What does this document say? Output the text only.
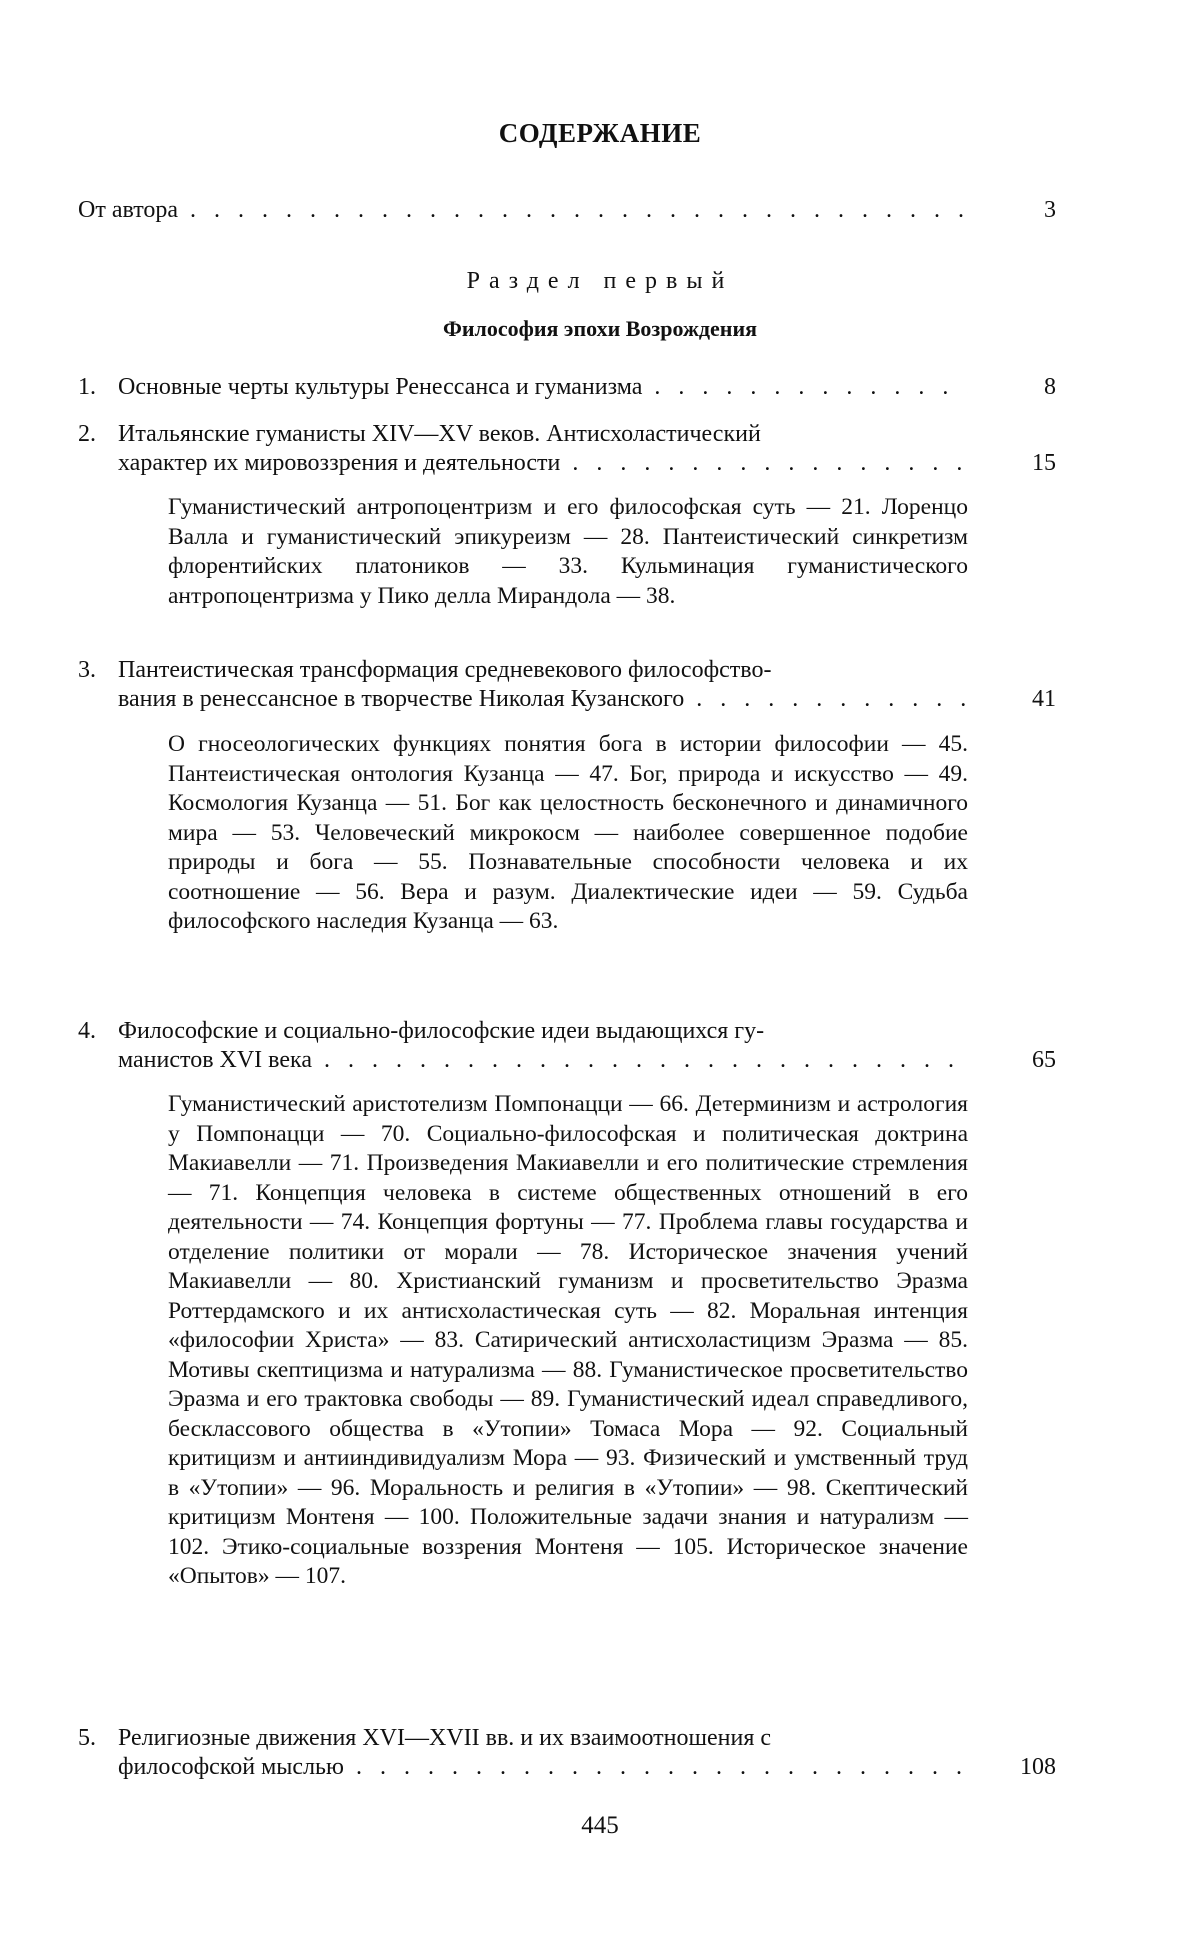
СОДЕРЖАНИЕ
От автора . . .	3
Раздел первый
Философия эпохи Возрождения
1. Основные черты культуры Ренессанса и гуманизма . . .	8
2. Итальянские гуманисты XIV—XV веков. Антисхоластический
характер их мировоззрения и деятельности . . .	15
Гуманистический антропоцентризм и его философская суть — 21. Лоренцо Валла и гуманистический эпикуреизм — 28. Пантеистический синкретизм флорентийских платоников — 33. Кульминация гуманистического антропоцентризма у Пико делла Мирандола — 38.
3. Пантеистическая трансформация средневекового философство-
вания в ренессансное в творчестве Николая Кузанского . . .	41
О гносеологических функциях понятия бога в истории философии — 45. Пантеистическая онтология Кузанца — 47. Бог, природа и искусство — 49. Космология Кузанца — 51. Бог как целостность бесконечного и динамичного мира — 53. Человеческий микрокосм — наиболее совершенное подобие природы и бога — 55. Познавательные способности человека и их соотношение — 56. Вера и разум. Диалектические идеи — 59. Судьба философского наследия Кузанца — 63.
4. Философские и социально-философские идеи выдающихся гу-
манистов XVI века . . .	65
Гуманистический аристотелизм Помпонацци — 66. Детерминизм и астрология у Помпонацци — 70. Социально-философская и политическая доктрина Макиавелли — 71. Произведения Макиавелли и его политические стремления — 71. Концепция человека в системе общественных отношений в его деятельности — 74. Концепция фортуны — 77. Проблема главы государства и отделение политики от морали — 78. Историческое значения учений Макиавелли — 80. Христианский гуманизм и просветительство Эразма Роттердамского и их антисхоластическая суть — 82. Моральная интенция «философии Христа» — 83. Сатирический антисхоластицизм Эразма — 85. Мотивы скептицизма и натурализма — 88. Гуманистическое просветительство Эразма и его трактовка свободы — 89. Гуманистический идеал справедливого, бесклассового общества в «Утопии» Томаса Мора — 92. Социальный критицизм и антииндивидуализм Мора — 93. Физический и умственный труд в «Утопии» — 96. Моральность и религия в «Утопии» — 98. Скептический критицизм Монтеня — 100. Положительные задачи знания и натурализм — 102. Этико-социальные воззрения Монтеня — 105. Историческое значение «Опытов» — 107.
5. Религиозные движения XVI—XVII вв. и их взаимоотношения с
философской мыслью . . .	108
445
